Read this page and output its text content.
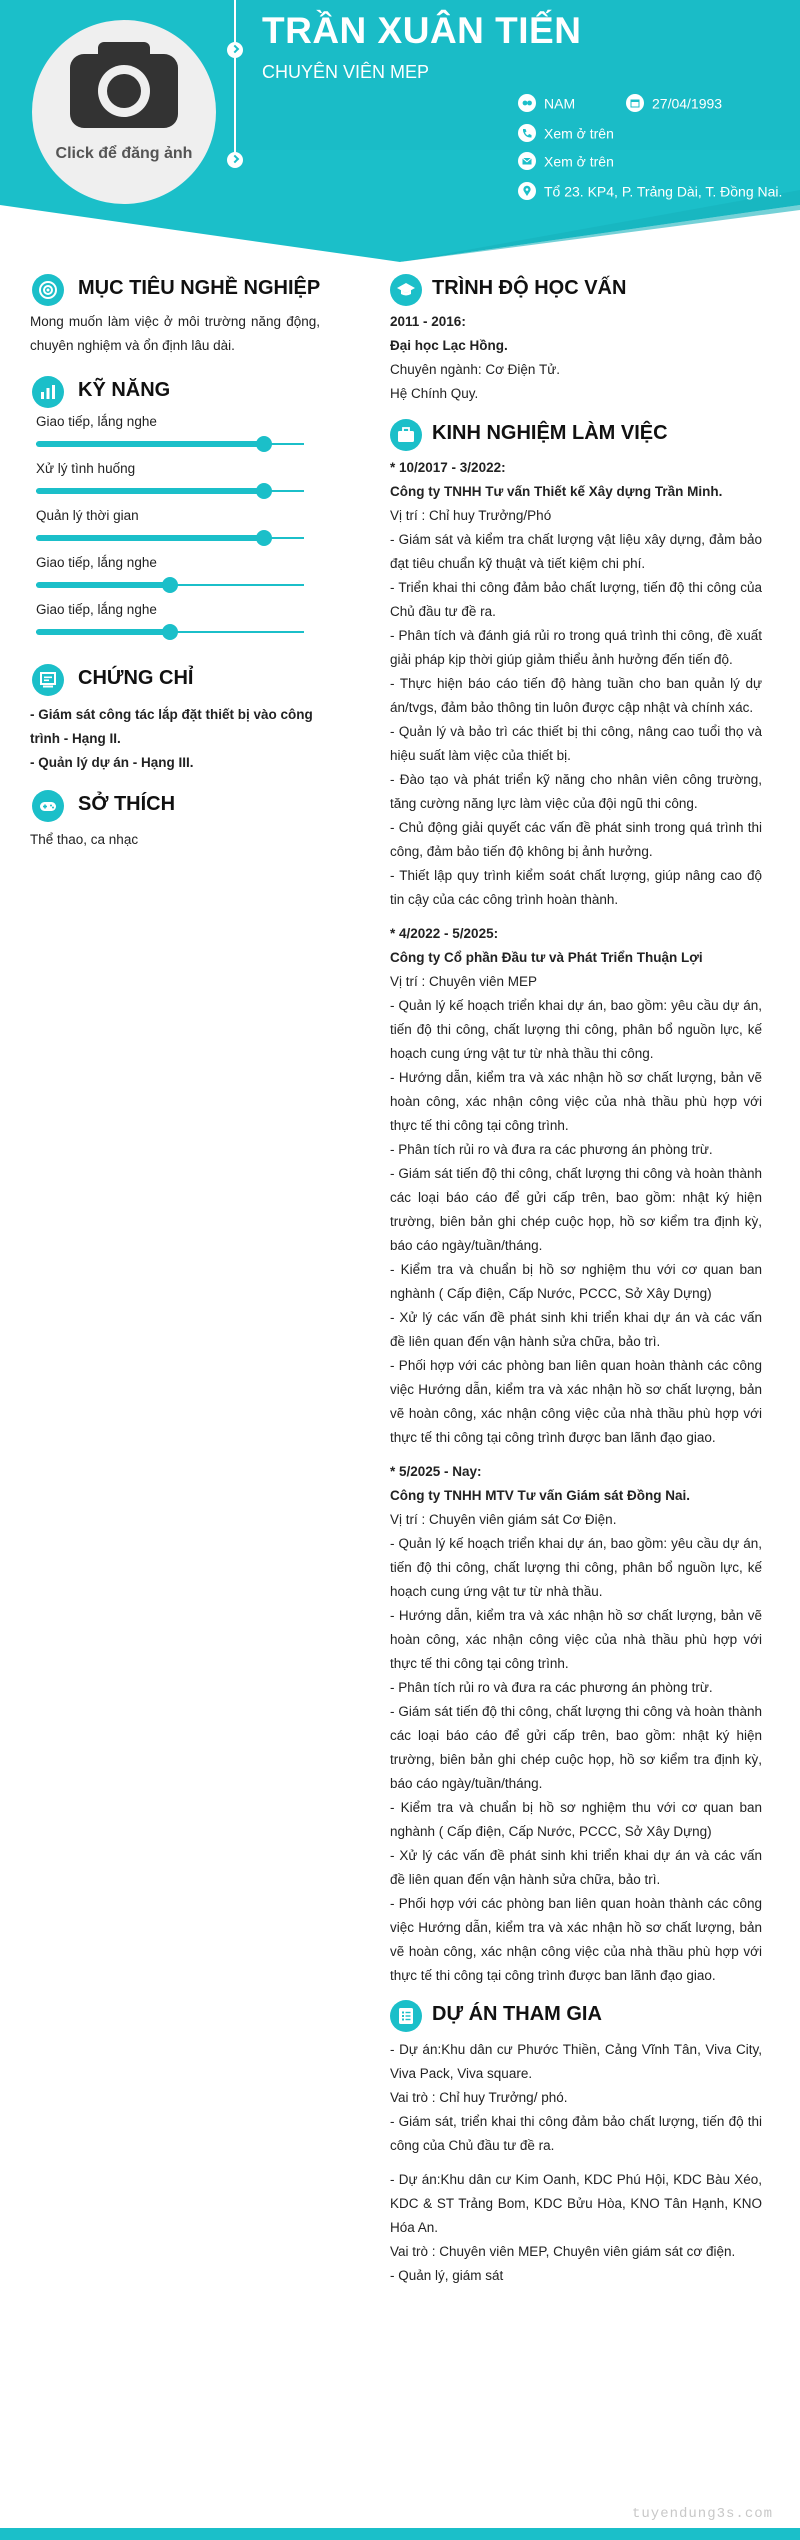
Click để đăng ảnh
TRẦN XUÂN TIẾN
CHUYÊN VIÊN MEP
NAM	27/04/1993
Xem ở trên
Xem ở trên
Tổ 23. KP4, P. Trảng Dài, T. Đồng Nai.
MỤC TIÊU NGHỀ NGHIỆP
Mong muốn làm việc ở môi trường năng động, chuyên nghiệm và ổn định lâu dài.
KỸ NĂNG
Giao tiếp, lắng nghe
Xử lý tình huống
Quản lý thời gian
Giao tiếp, lắng nghe
Giao tiếp, lắng nghe
CHỨNG CHỈ
- Giám sát công tác lắp đặt thiết bị vào công trình - Hạng II.
- Quản lý dự án - Hạng III.
SỞ THÍCH
Thể thao, ca nhạc
TRÌNH ĐỘ HỌC VẤN
2011 - 2016:
Đại học Lạc Hồng.
Chuyên ngành: Cơ Điện Tử.
Hệ Chính Quy.
KINH NGHIỆM LÀM VIỆC
* 10/2017 - 3/2022:
Công ty TNHH Tư vấn Thiết kế Xây dựng Trần Minh.
Vị trí : Chỉ huy Trưởng/Phó
- Giám sát và kiểm tra chất lượng vật liệu xây dựng, đảm bảo đạt tiêu chuẩn kỹ thuật và tiết kiệm chi phí.
- Triển khai thi công đảm bảo chất lượng, tiến độ thi công của Chủ đầu tư đề ra.
- Phân tích và đánh giá rủi ro trong quá trình thi công, đề xuất giải pháp kịp thời giúp giảm thiểu ảnh hưởng đến tiến độ.
- Thực hiện báo cáo tiến độ hàng tuần cho ban quản lý dự án/tvgs, đảm bảo thông tin luôn được cập nhật và chính xác.
- Quản lý và bảo trì các thiết bị thi công, nâng cao tuổi thọ và hiệu suất làm việc của thiết bị.
- Đào tạo và phát triển kỹ năng cho nhân viên công trường, tăng cường năng lực làm việc của đội ngũ thi công.
- Chủ động giải quyết các vấn đề phát sinh trong quá trình thi công, đảm bảo tiến độ không bị ảnh hưởng.
- Thiết lập quy trình kiểm soát chất lượng, giúp nâng cao độ tin cậy của các công trình hoàn thành.
* 4/2022 - 5/2025:
Công ty Cổ phần Đầu tư và Phát Triển Thuận Lợi
Vị trí : Chuyên viên MEP
- Quản lý kế hoạch triển khai dự án, bao gồm: yêu cầu dự án, tiến độ thi công, chất lượng thi công, phân bổ nguồn lực, kế hoạch cung ứng vật tư từ nhà thầu thi công.
- Hướng dẫn, kiểm tra và xác nhận hồ sơ chất lượng, bản vẽ hoàn công, xác nhận công việc của nhà thầu phù hợp với thực tế thi công tại công trình.
- Phân tích rủi ro và đưa ra các phương án phòng trừ.
- Giám sát tiến độ thi công, chất lượng thi công và hoàn thành các loại báo cáo để gửi cấp trên, bao gồm: nhật ký hiện trường, biên bản ghi chép cuộc họp, hồ sơ kiểm tra định kỳ, báo cáo ngày/tuần/tháng.
- Kiểm tra và chuẩn bị hồ sơ nghiệm thu với cơ quan ban nghành ( Cấp điện, Cấp Nước, PCCC, Sở Xây Dựng)
- Xử lý các vấn đề phát sinh khi triển khai dự án và các vấn đề liên quan đến vận hành sửa chữa, bảo trì.
- Phối hợp với các phòng ban liên quan hoàn thành các công việc Hướng dẫn, kiểm tra và xác nhận hồ sơ chất lượng, bản vẽ hoàn công, xác nhận công việc của nhà thầu phù hợp với thực tế thi công tại công trình được ban lãnh đạo giao.
* 5/2025 - Nay:
Công ty TNHH MTV Tư vấn Giám sát Đồng Nai.
Vị trí : Chuyên viên giám sát Cơ Điện.
- Quản lý kế hoạch triển khai dự án, bao gồm: yêu cầu dự án, tiến độ thi công, chất lượng thi công, phân bổ nguồn lực, kế hoạch cung ứng vật tư từ nhà thầu.
- Hướng dẫn, kiểm tra và xác nhận hồ sơ chất lượng, bản vẽ hoàn công, xác nhận công việc của nhà thầu phù hợp với thực tế thi công tại công trình.
- Phân tích rủi ro và đưa ra các phương án phòng trừ.
- Giám sát tiến độ thi công, chất lượng thi công và hoàn thành các loại báo cáo để gửi cấp trên, bao gồm: nhật ký hiện trường, biên bản ghi chép cuộc họp, hồ sơ kiểm tra định kỳ, báo cáo ngày/tuần/tháng.
- Kiểm tra và chuẩn bị hồ sơ nghiệm thu với cơ quan ban nghành ( Cấp điện, Cấp Nước, PCCC, Sở Xây Dựng)
- Xử lý các vấn đề phát sinh khi triển khai dự án và các vấn đề liên quan đến vận hành sửa chữa, bảo trì.
- Phối hợp với các phòng ban liên quan hoàn thành các công việc Hướng dẫn, kiểm tra và xác nhận hồ sơ chất lượng, bản vẽ hoàn công, xác nhận công việc của nhà thầu phù hợp với thực tế thi công tại công trình được ban lãnh đạo giao.
DỰ ÁN THAM GIA
- Dự án:Khu dân cư Phước Thiền, Cảng Vĩnh Tân, Viva City, Viva Pack, Viva square.
Vai trò : Chỉ huy Trưởng/ phó.
- Giám sát, triển khai thi công đảm bảo chất lượng, tiến độ thi công của Chủ đầu tư đề ra.
- Dự án:Khu dân cư Kim Oanh, KDC Phú Hội, KDC Bàu Xéo, KDC & ST Trảng Bom, KDC Bửu Hòa, KNO Tân Hạnh, KNO Hóa An.
Vai trò : Chuyên viên MEP, Chuyên viên giám sát cơ điện.
- Quản lý, giám sát
tuyendung3s.com
